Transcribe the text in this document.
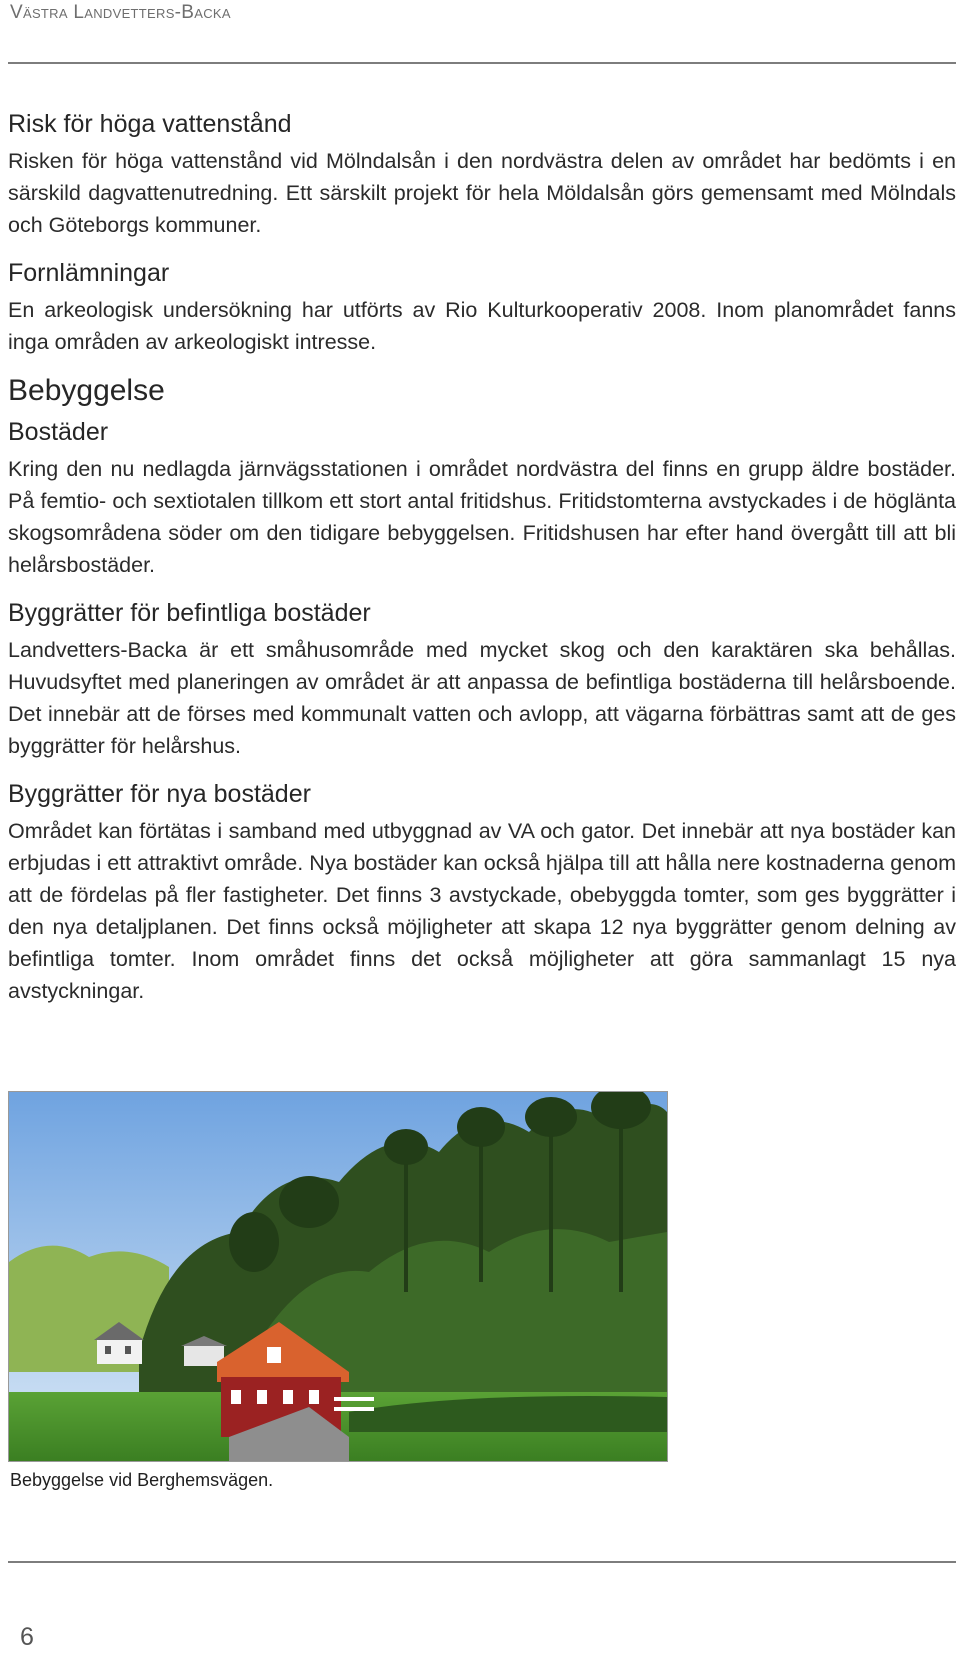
Västra Landvetters-Backa
Risk för höga vattenstånd

Risken för höga vattenstånd vid Mölndalsån i den nordvästra delen av området har bedömts i en särskild dagvattenutredning. Ett särskilt projekt för hela Möldalsån görs gemensamt med Mölndals och Göteborgs kommuner.

Fornlämningar

En arkeologisk undersökning har utförts av Rio Kulturkooperativ 2008. Inom planområdet fanns inga områden av arkeologiskt intresse.

Bebyggelse
Bostäder

Kring den nu nedlagda järnvägsstationen i området nordvästra del finns en grupp äldre bostäder. På femtio- och sextiotalen tillkom ett stort antal fritidshus. Fritidstomterna avstyckades i de höglänta skogsområdena söder om den tidigare bebyggelsen. Fritidshusen har efter hand övergått till att bli helårsbostäder.

Byggrätter för befintliga bostäder

Landvetters-Backa är ett småhusområde med mycket skog och den karaktären ska behållas. Huvudsyftet med planeringen av området är att anpassa de befintliga bostäderna till helårsboende. Det innebär att de förses med kommunalt vatten och avlopp, att vägarna förbättras samt att de ges byggrätter för helårshus.

Byggrätter för nya bostäder

Området kan förtätas i samband med utbyggnad av VA och gator. Det innebär att nya bostäder kan erbjudas i ett attraktivt område. Nya bostäder kan också hjälpa till att hålla nere kostnaderna genom att de fördelas på fler fastigheter. Det finns 3 avstyckade, obebyggda tomter, som ges byggrätter i den nya detaljplanen. Det finns också möjligheter att skapa 12 nya byggrätter genom delning av befintliga tomter. Inom området finns det också möjligheter att göra sammanlagt 15 nya avstyckningar.

Bebyggelse vid Berghemsvägen.
6
